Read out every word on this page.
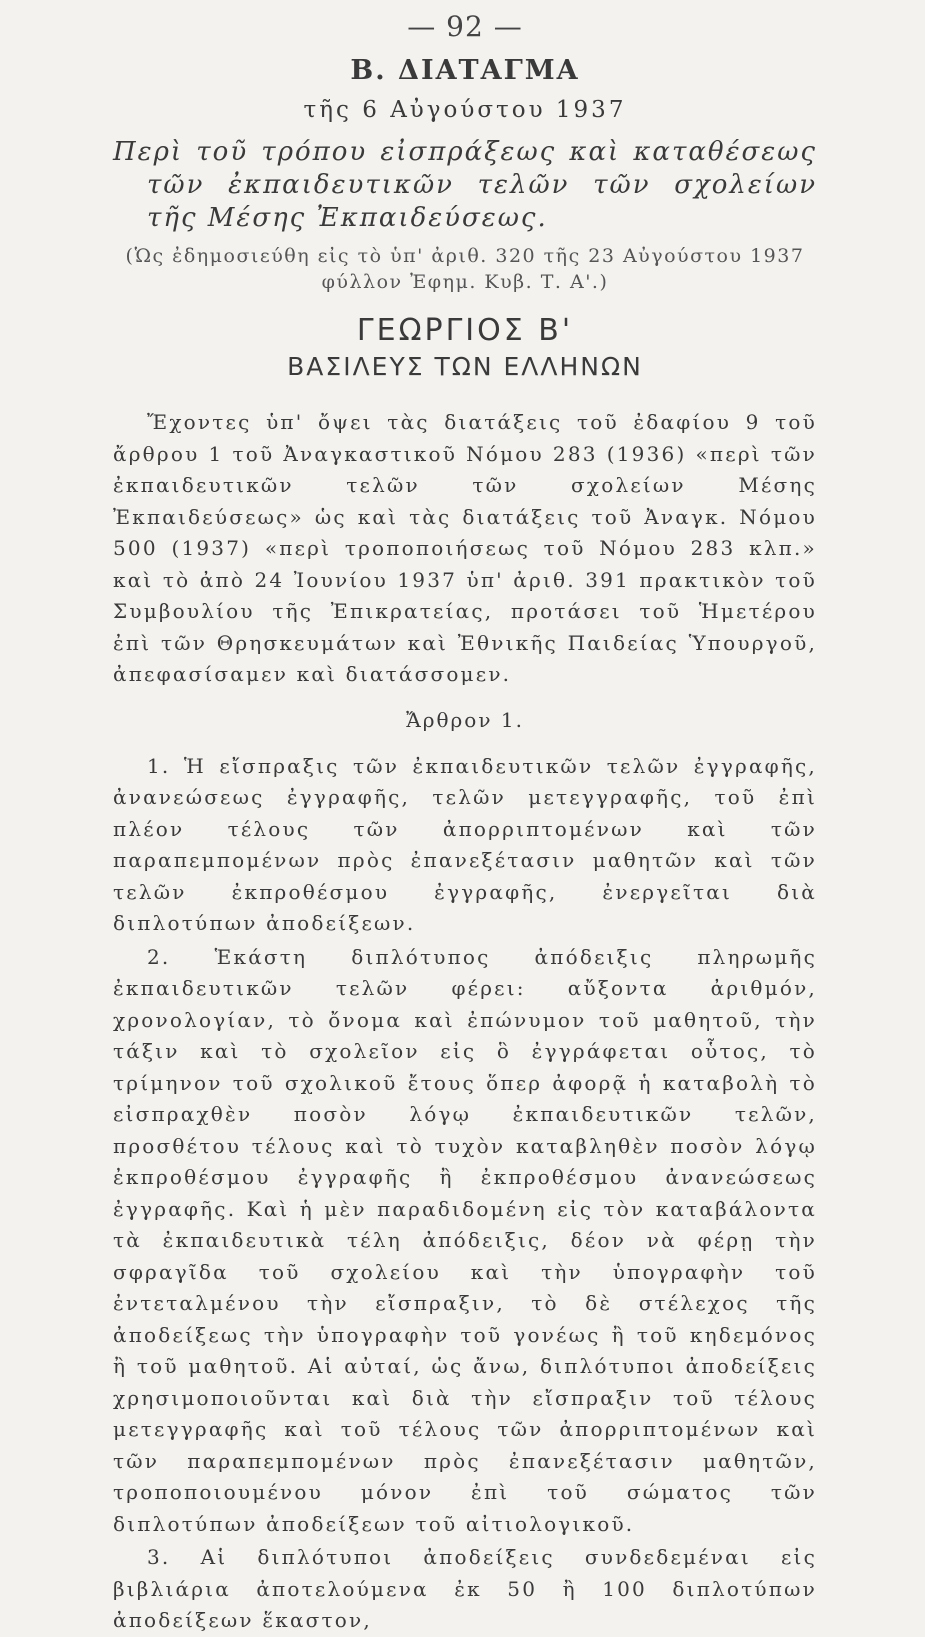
— 92 —
Β. ΔΙΑΤΑΓΜΑ
τῆς 6 Αὐγούστου 1937

Περὶ τοῦ τρόπου εἰσπράξεως καὶ καταθέσεως τῶν ἐκπαιδευτικῶν τελῶν τῶν σχολείων τῆς Μέσης Ἐκπαιδεύσεως.

(Ὡς ἐδημοσιεύθη εἰς τὸ ὑπ' ἀριθ. 320 τῆς 23 Αὐγούστου 1937 φύλλον Ἐφημ. Κυβ. Τ. Α'.)
ΓΕΩΡΓΙΟΣ Β'
ΒΑΣΙΛΕΥΣ ΤΩΝ ΕΛΛΗΝΩΝ

Ἔχοντες ὑπ' ὄψει τὰς διατάξεις τοῦ ἐδαφίου 9 τοῦ ἄρθρου 1 τοῦ Ἀναγκαστικοῦ Νόμου 283 (1936) «περὶ τῶν ἐκπαιδευτικῶν τελῶν τῶν σχολείων Μέσης Ἐκπαιδεύσεως» ὡς καὶ τὰς διατάξεις τοῦ Ἀναγκ. Νόμου 500 (1937) «περὶ τροποποιήσεως τοῦ Νόμου 283 κλπ.» καὶ τὸ ἀπὸ 24 Ἰουνίου 1937 ὑπ' ἀριθ. 391 πρακτικὸν τοῦ Συμβουλίου τῆς Ἐπικρατείας, προτάσει τοῦ Ἡμετέρου ἐπὶ τῶν Θρησκευμάτων καὶ Ἐθνικῆς Παιδείας Ὑπουργοῦ, ἀπεφασίσαμεν καὶ διατάσσομεν.

Ἄρθρον 1.

1. Ἡ εἴσπραξις τῶν ἐκπαιδευτικῶν τελῶν ἐγγραφῆς, ἀνανεώσεως ἐγγραφῆς, τελῶν μετεγγραφῆς, τοῦ ἐπὶ πλέον τέλους τῶν ἀπορριπτομένων καὶ τῶν παραπεμπομένων πρὸς ἐπανεξέτασιν μαθητῶν καὶ τῶν τελῶν ἐκπροθέσμου ἐγγραφῆς, ἐνεργεῖται διὰ διπλοτύπων ἀποδείξεων.

2. Ἑκάστη διπλότυπος ἀπόδειξις πληρωμῆς ἐκπαιδευτικῶν τελῶν φέρει: αὔξοντα ἀριθμόν, χρονολογίαν, τὸ ὄνομα καὶ ἐπώνυμον τοῦ μαθητοῦ, τὴν τάξιν καὶ τὸ σχολεῖον εἰς ὃ ἐγγράφεται οὗτος, τὸ τρίμηνον τοῦ σχολικοῦ ἔτους ὅπερ ἀφορᾷ ἡ καταβολὴ τὸ εἰσπραχθὲν ποσὸν λόγῳ ἐκπαιδευτικῶν τελῶν, προσθέτου τέλους καὶ τὸ τυχὸν καταβληθὲν ποσὸν λόγῳ ἐκπροθέσμου ἐγγραφῆς ἢ ἐκπροθέσμου ἀνανεώσεως ἐγγραφῆς. Καὶ ἡ μὲν παραδιδομένη εἰς τὸν καταβάλοντα τὰ ἐκπαιδευτικὰ τέλη ἀπόδειξις, δέον νὰ φέρῃ τὴν σφραγῖδα τοῦ σχολείου καὶ τὴν ὑπογραφὴν τοῦ ἐντεταλμένου τὴν εἴσπραξιν, τὸ δὲ στέλεχος τῆς ἀποδείξεως τὴν ὑπογραφὴν τοῦ γονέως ἢ τοῦ κηδεμόνος ἢ τοῦ μαθητοῦ. Αἱ αὐταί, ὡς ἄνω, διπλότυποι ἀποδείξεις χρησιμοποιοῦνται καὶ διὰ τὴν εἴσπραξιν τοῦ τέλους μετεγγραφῆς καὶ τοῦ τέλους τῶν ἀπορριπτομένων καὶ τῶν παραπεμπομένων πρὸς ἐπανεξέτασιν μαθητῶν, τροποποιουμένου μόνον ἐπὶ τοῦ σώματος τῶν διπλοτύπων ἀποδείξεων τοῦ αἰτιολογικοῦ.

3. Αἱ διπλότυποι ἀποδείξεις συνδεδεμέναι εἰς βιβλιάρια ἀποτελούμενα ἐκ 50 ἢ 100 διπλοτύπων ἀποδείξεων ἕκαστον,
